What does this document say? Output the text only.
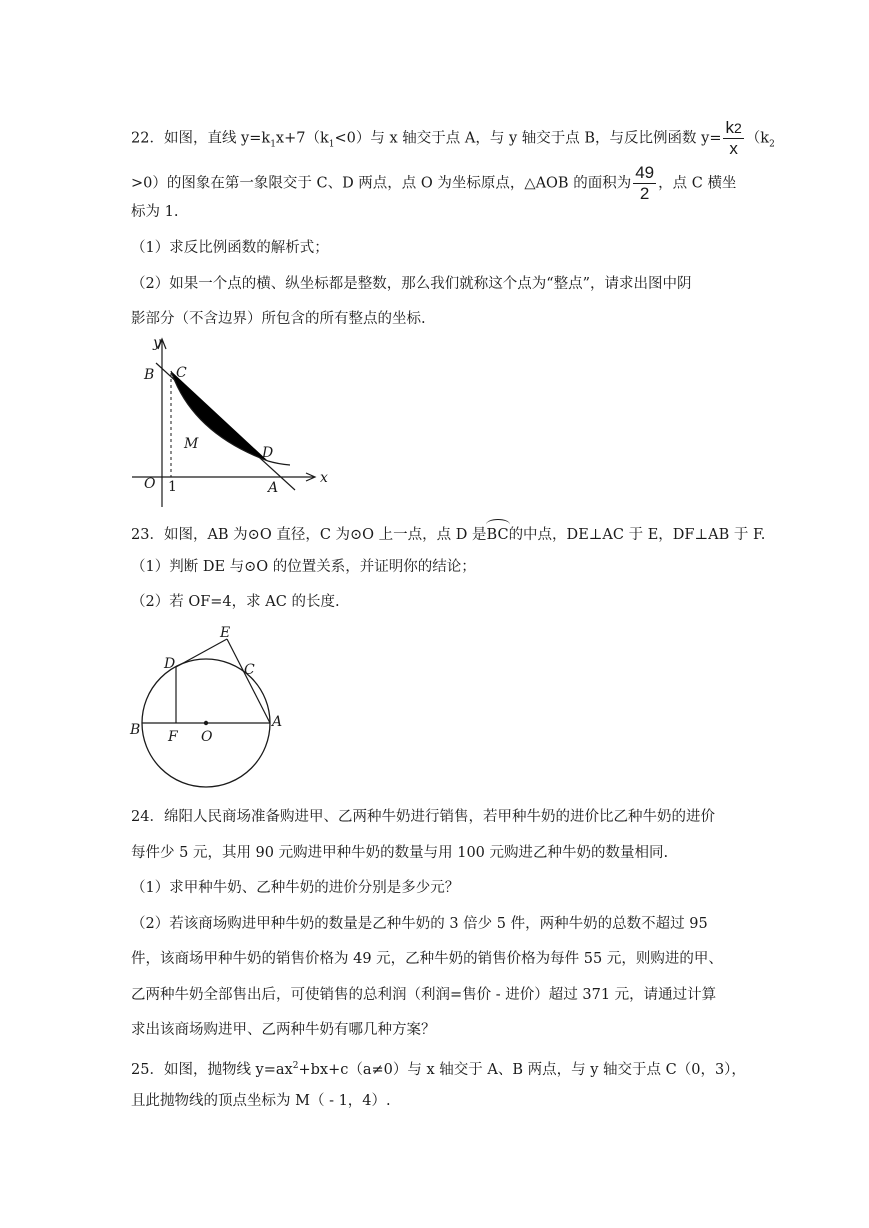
22．如图，直线 $y=k_1x+7(k_1<0)$与 x 轴交于点 A，与 y 轴交于点 B，与反比例函数 $y= \frac{k2}{x} (k_2$
>0）的图象在第一象限交于 C、D 两点，点 O 为坐标原点，△AOB 的面积为 $\frac{49}{2}$ ，点 C 横坐
标为 1.
（1）求反比例函数的解析式；
（2）如果一个点的横、纵坐标都是整数，那么我们就称这个点为“整点”，请求出图中阴
影部分（不含边界）所包含的所有整点的坐标.
y
x
B C
M
D
O 1	A
23．如图，AB 为⊙O 直径，C 为⊙O 上一点，点 D 是BC的中点，DE⊥AC 于 E，DF⊥AB 于 F.
（1）判断 DE 与⊙O 的位置关系，并证明你的结论；
（2）若 OF=4，求 AC 的长度.
E
D	C
B F O
A
24．绵阳人民商场准备购进甲、乙两种牛奶进行销售，若甲种牛奶的进价比乙种牛奶的进价
每件少 5 元，其用 90 元购进甲种牛奶的数量与用 100 元购进乙种牛奶的数量相同.
（1）求甲种牛奶、乙种牛奶的进价分别是多少元？
（2）若该商场购进甲种牛奶的数量是乙种牛奶的 3 倍少 5 件，两种牛奶的总数不超过 95
件，该商场甲种牛奶的销售价格为 49 元，乙种牛奶的销售价格为每件 55 元，则购进的甲、
乙两种牛奶全部售出后，可使销售的总利润（利润=售价 - 进价）超过 371 元，请通过计算
求出该商场购进甲、乙两种牛奶有哪几种方案？
25．如图，抛物线 $y=ax^2+bx+c(a\ne 0)$与 x 轴交于 A、B 两点，与 y 轴交于点 C（0，3），
且此抛物线的顶点坐标为 M（ - 1，4）.
